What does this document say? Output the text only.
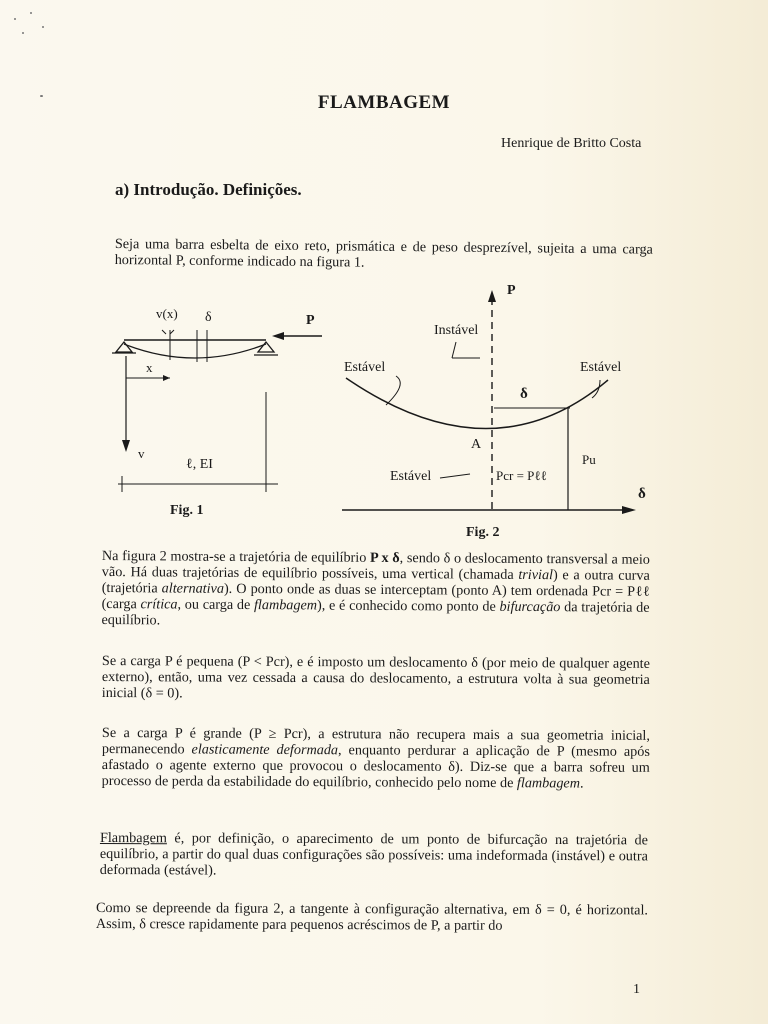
FLAMBAGEM
Henrique de Britto Costa
a) Introdução. Definições.

Seja uma barra esbelta de eixo reto, prismática e de peso desprezível, sujeita a uma carga horizontal P, conforme indicado na figura 1.

v(x) δ	P
x
v
ℓ, EI
Fig. 1
P
Instável
Estável	Estável
δ
A
Estável	Pcr = Pℓℓ
Pu
δ
Fig. 2

Na figura 2 mostra-se a trajetória de equilíbrio P x δ, sendo δ o deslocamento transversal a meio vão. Há duas trajetórias de equilíbrio possíveis, uma vertical (chamada trivial) e a outra curva (trajetória alternativa). O ponto onde as duas se interceptam (ponto A) tem ordenada Pcr = Pℓℓ (carga crítica, ou carga de flambagem), e é conhecido como ponto de bifurcação da trajetória de equilíbrio.

Se a carga P é pequena (P < Pcr), e é imposto um deslocamento δ (por meio de qualquer agente externo), então, uma vez cessada a causa do deslocamento, a estrutura volta à sua geometria inicial (δ = 0).

Se a carga P é grande (P ≥ Pcr), a estrutura não recupera mais a sua geometria inicial, permanecendo elasticamente deformada, enquanto perdurar a aplicação de P (mesmo após afastado o agente externo que provocou o deslocamento δ). Diz-se que a barra sofreu um processo de perda da estabilidade do equilíbrio, conhecido pelo nome de flambagem.

Flambagem é, por definição, o aparecimento de um ponto de bifurcação na trajetória de equilíbrio, a partir do qual duas configurações são possíveis: uma indeformada (instável) e outra deformada (estável).

Como se depreende da figura 2, a tangente à configuração alternativa, em δ = 0, é horizontal. Assim, δ cresce rapidamente para pequenos acréscimos de P, a partir do

1
